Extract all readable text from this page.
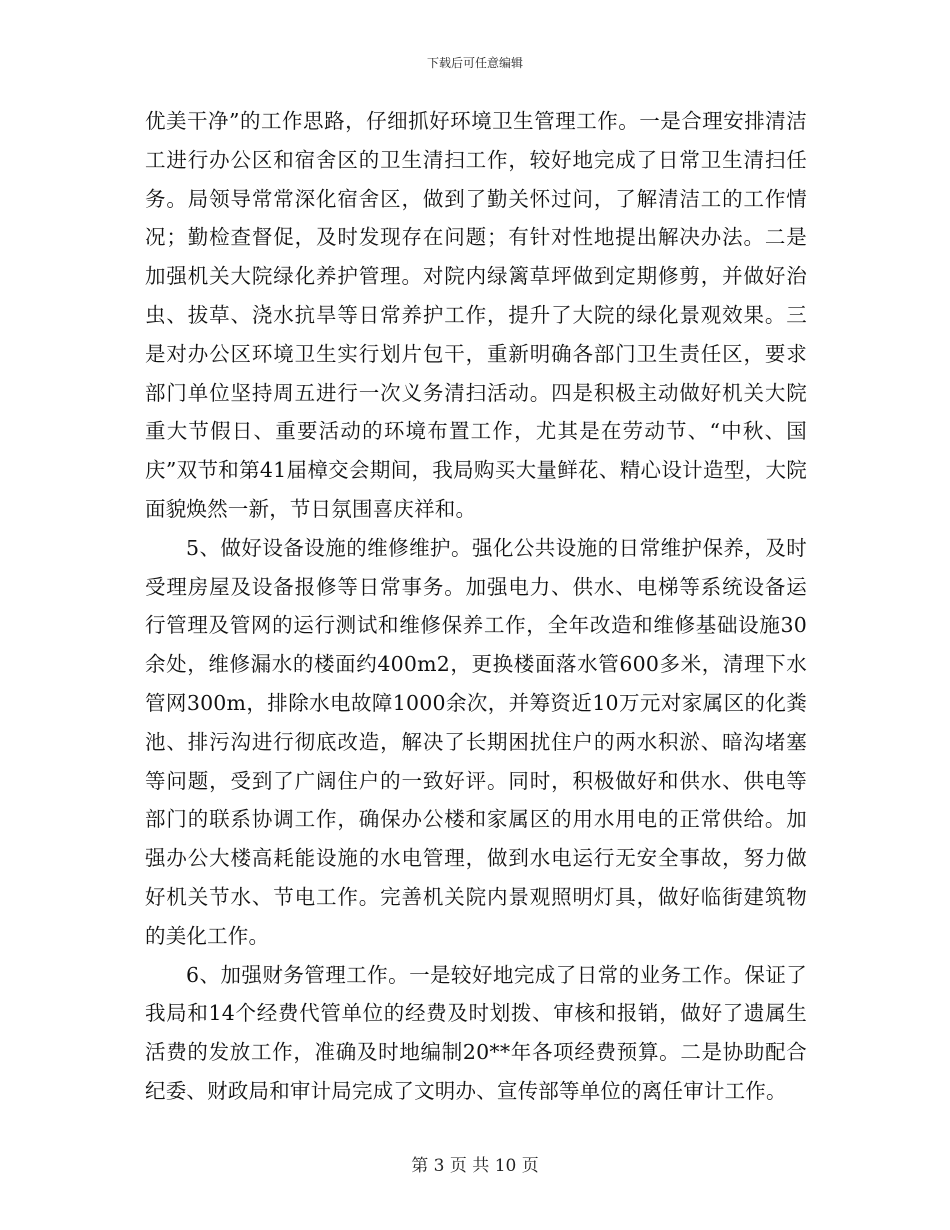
下载后可任意编辑

优美干净”的工作思路，仔细抓好环境卫生管理工作。一是合理安排清洁工进行办公区和宿舍区的卫生清扫工作，较好地完成了日常卫生清扫任务。局领导常常深化宿舍区，做到了勤关怀过问，了解清洁工的工作情况；勤检查督促，及时发现存在问题；有针对性地提出解决办法。二是加强机关大院绿化养护管理。对院内绿篱草坪做到定期修剪，并做好治虫、拔草、浇水抗旱等日常养护工作，提升了大院的绿化景观效果。三是对办公区环境卫生实行划片包干，重新明确各部门卫生责任区，要求部门单位坚持周五进行一次义务清扫活动。四是积极主动做好机关大院重大节假日、重要活动的环境布置工作，尤其是在劳动节、“中秋、国庆”双节和第41届樟交会期间，我局购买大量鲜花、精心设计造型，大院面貌焕然一新，节日氛围喜庆祥和。

5、做好设备设施的维修维护。强化公共设施的日常维护保养，及时受理房屋及设备报修等日常事务。加强电力、供水、电梯等系统设备运行管理及管网的运行测试和维修保养工作，全年改造和维修基础设施30余处，维修漏水的楼面约400m2，更换楼面落水管600多米，清理下水管网300m，排除水电故障1000余次，并筹资近10万元对家属区的化粪池、排污沟进行彻底改造，解决了长期困扰住户的两水积淤、暗沟堵塞等问题，受到了广阔住户的一致好评。同时，积极做好和供水、供电等部门的联系协调工作，确保办公楼和家属区的用水用电的正常供给。加强办公大楼高耗能设施的水电管理，做到水电运行无安全事故，努力做好机关节水、节电工作。完善机关院内景观照明灯具，做好临街建筑物的美化工作。

6、加强财务管理工作。一是较好地完成了日常的业务工作。保证了我局和14个经费代管单位的经费及时划拨、审核和报销，做好了遗属生活费的发放工作，准确及时地编制20**年各项经费预算。二是协助配合纪委、财政局和审计局完成了文明办、宣传部等单位的离任审计工作。

第 3 页 共 10 页
